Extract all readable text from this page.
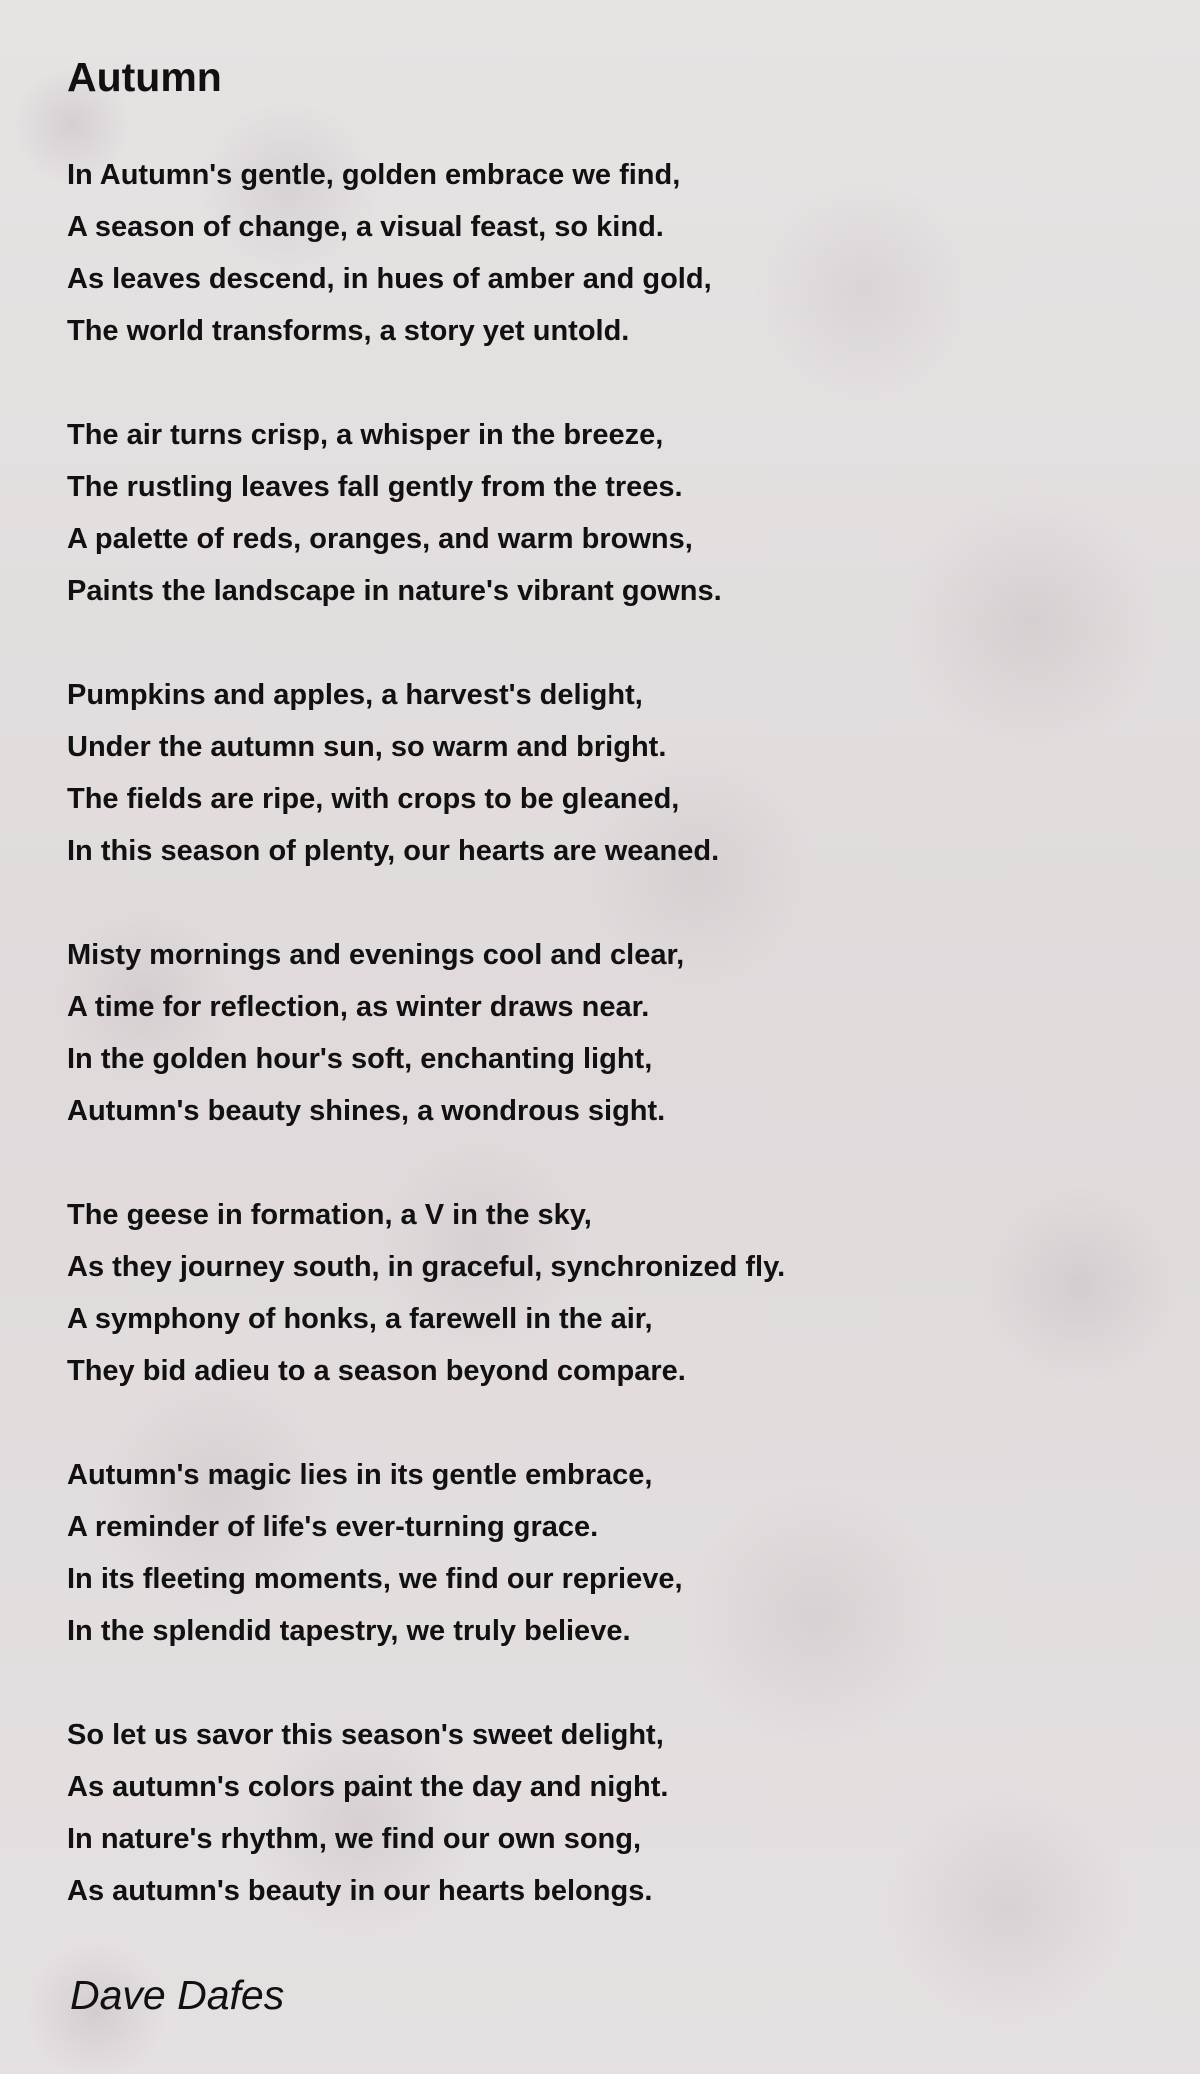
Autumn

In Autumn's gentle, golden embrace we find,
A season of change, a visual feast, so kind.
As leaves descend, in hues of amber and gold,
The world transforms, a story yet untold.

The air turns crisp, a whisper in the breeze,
The rustling leaves fall gently from the trees.
A palette of reds, oranges, and warm browns,
Paints the landscape in nature's vibrant gowns.

Pumpkins and apples, a harvest's delight,
Under the autumn sun, so warm and bright.
The fields are ripe, with crops to be gleaned,
In this season of plenty, our hearts are weaned.

Misty mornings and evenings cool and clear,
A time for reflection, as winter draws near.
In the golden hour's soft, enchanting light,
Autumn's beauty shines, a wondrous sight.

The geese in formation, a V in the sky,
As they journey south, in graceful, synchronized fly.
A symphony of honks, a farewell in the air,
They bid adieu to a season beyond compare.

Autumn's magic lies in its gentle embrace,
A reminder of life's ever-turning grace.
In its fleeting moments, we find our reprieve,
In the splendid tapestry, we truly believe.

So let us savor this season's sweet delight,
As autumn's colors paint the day and night.
In nature's rhythm, we find our own song,
As autumn's beauty in our hearts belongs.

Dave Dafes
